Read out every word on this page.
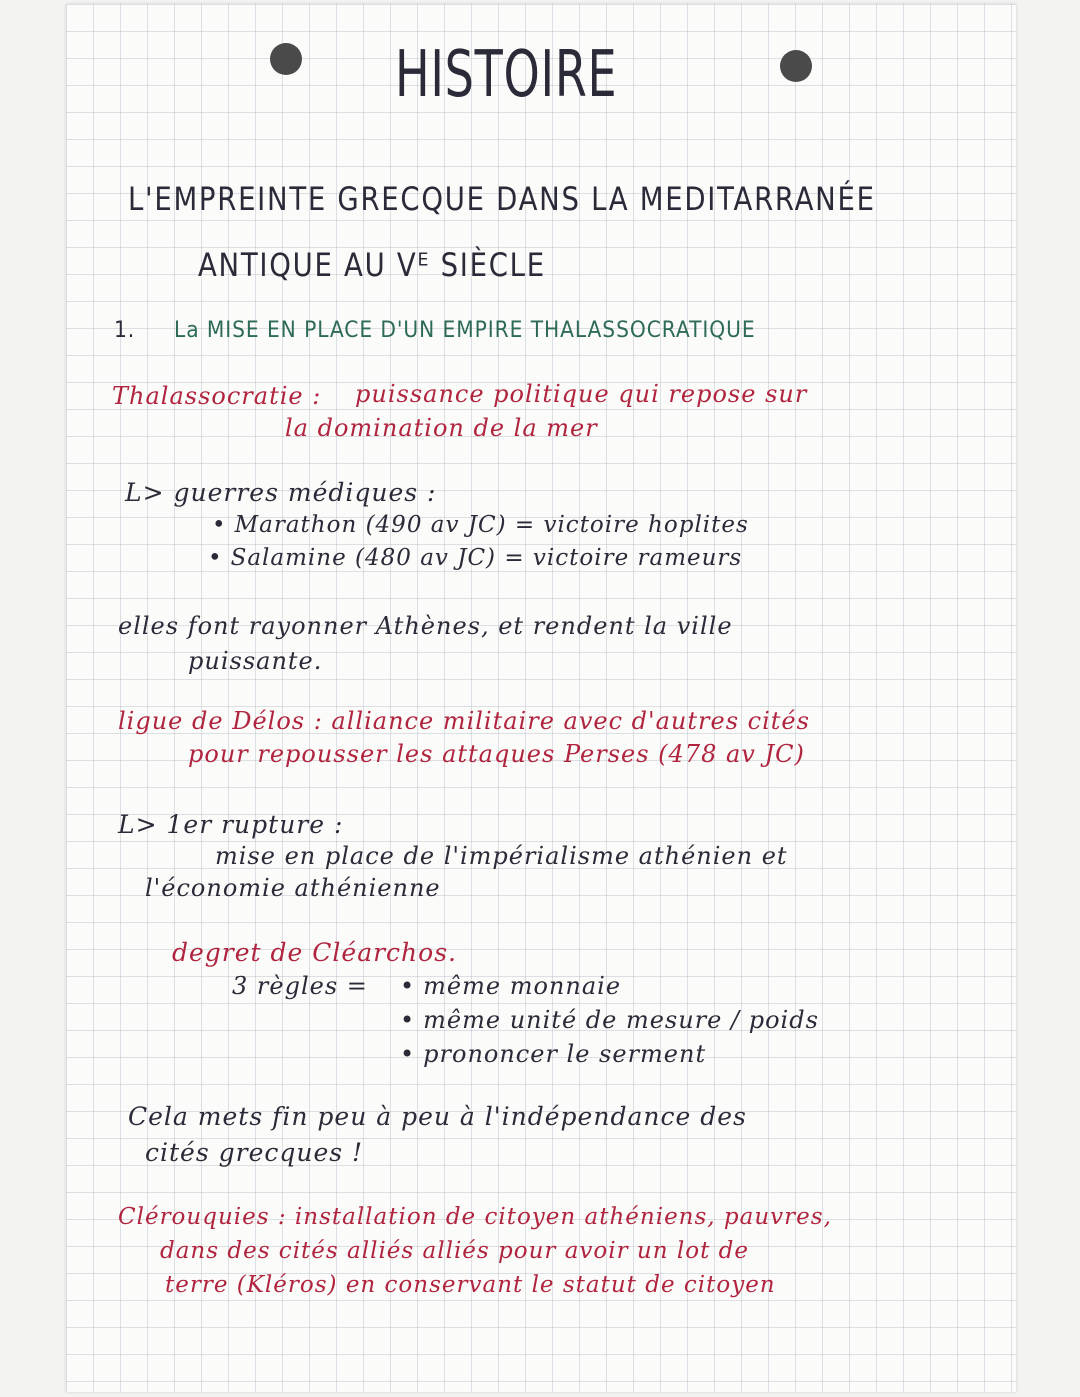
HISTOIRE
L'EMPREINTE GRECQUE DANS LA MEDITARRANÉE
ANTIQUE AU Vᴱ SIÈCLE
1. La MISE EN PLACE D'UN EMPIRE THALASSOCRATIQUE
Thalassocratie : puissance politique qui repose sur
la domination de la mer
L> guerres médiques :
• Marathon (490 av JC) = victoire hoplites
• Salamine (480 av JC) = victoire rameurs
elles font rayonner Athènes, et rendent la ville
puissante.
ligue de Délos : alliance militaire avec d'autres cités
pour repousser les attaques Perses (478 av JC)
L> 1er rupture :
mise en place de l'impérialisme athénien et
l'économie athénienne
degret de Cléarchos.
3 règles =
•	même monnaie
• même unité de mesure / poids
• prononcer le serment
Cela mets fin peu à peu à l'indépendance des
cités grecques !
Clérouquies : installation de citoyen athéniens, pauvres,
dans des cités alliés alliés pour avoir un lot de
terre (Kléros) en conservant le statut de citoyen
